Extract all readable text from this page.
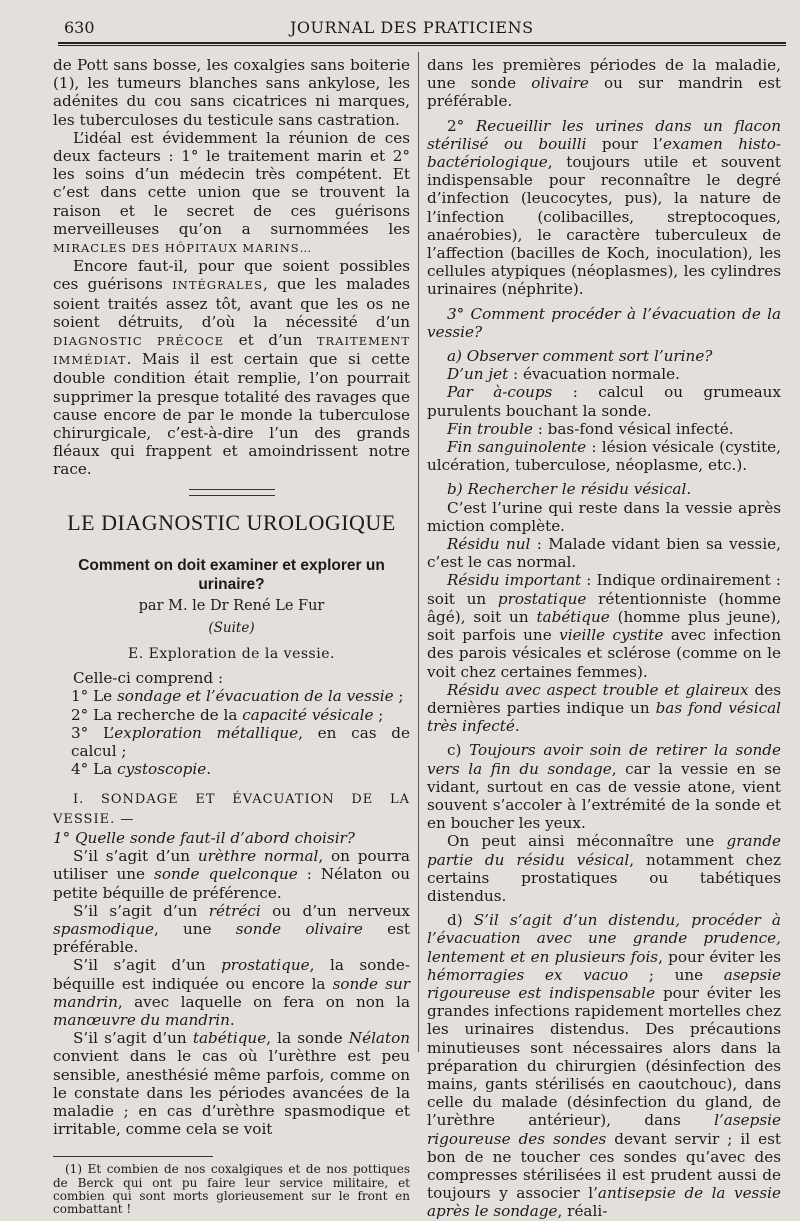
630	JOURNAL DES PRATICIENS

de Pott sans bosse, les coxalgies sans boiterie (1), les tumeurs blanches sans ankylose, les adénites du cou sans cicatrices ni marques, les tuberculoses du testicule sans castration.

L’idéal est évidemment la réunion de ces deux facteurs : 1° le traitement marin et 2° les soins d’un médecin très compétent. Et c’est dans cette union que se trouvent la raison et le secret de ces guérisons merveilleuses qu’on a surnommées les MIRACLES DES HÔPITAUX MARINS…

Encore faut-il, pour que soient possibles ces guérisons INTÉGRALES, que les malades soient traités assez tôt, avant que les os ne soient détruits, d’où la nécessité d’un DIAGNOSTIC PRÉCOCE et d’un TRAITEMENT IMMÉDIAT. Mais il est certain que si cette double condition était remplie, l’on pourrait supprimer la presque totalité des ravages que cause encore de par le monde la tuberculose chirurgicale, c’est-à-dire l’un des grands fléaux qui frappent et amoindrissent notre race.

LE DIAGNOSTIC UROLOGIQUE
Comment on doit examiner et explorer un urinaire?
par M. le Dr René Le Fur
(Suite)
E. Exploration de la vessie.

Celle-ci comprend :

1° Le sondage et l’évacuation de la vessie ;

2° La recherche de la capacité vésicale ;

3° L’exploration métallique, en cas de calcul ;

4° La cystoscopie.

I. SONDAGE ET ÉVACUATION DE LA VESSIE. —

1° Quelle sonde faut-il d’abord choisir?

S’il s’agit d’un urèthre normal, on pourra utiliser une sonde quelconque : Nélaton ou petite béquille de préférence.

S’il s’agit d’un rétréci ou d’un nerveux spasmodique, une sonde olivaire est préférable.

S’il s’agit d’un prostatique, la sonde-béquille est indiquée ou encore la sonde sur mandrin, avec laquelle on fera on non la manœuvre du mandrin.

S’il s’agit d’un tabétique, la sonde Nélaton convient dans le cas où l’urèthre est peu sensible, anesthésié même parfois, comme on le constate dans les périodes avancées de la maladie ; en cas d’urèthre spasmodique et irritable, comme cela se voit

(1) Et combien de nos coxalgiques et de nos pottiques de Berck qui ont pu faire leur service militaire, et combien qui sont morts glorieusement sur le front en combattant !

dans les premières périodes de la maladie, une sonde olivaire ou sur mandrin est préférable.

2° Recueillir les urines dans un flacon stérilisé ou bouilli pour l’examen histo-bactériologique, toujours utile et souvent indispensable pour reconnaître le degré d’infection (leucocytes, pus), la nature de l’infection (colibacilles, streptocoques, anaérobies), le caractère tuberculeux de l’affection (bacilles de Koch, inoculation), les cellules atypiques (néoplasmes), les cylindres urinaires (néphrite).

3° Comment procéder à l’évacuation de la vessie?

a) Observer comment sort l’urine?

D’un jet : évacuation normale.

Par à-coups : calcul ou grumeaux purulents bouchant la sonde.

Fin trouble : bas-fond vésical infecté.

Fin sanguinolente : lésion vésicale (cystite, ulcération, tuberculose, néoplasme, etc.).

b) Rechercher le résidu vésical.

C’est l’urine qui reste dans la vessie après miction complète.

Résidu nul : Malade vidant bien sa vessie, c’est le cas normal.

Résidu important : Indique ordinairement : soit un prostatique rétentionniste (homme âgé), soit un tabétique (homme plus jeune), soit parfois une vieille cystite avec infection des parois vésicales et sclérose (comme on le voit chez certaines femmes).

Résidu avec aspect trouble et glaireux des dernières parties indique un bas fond vésical très infecté.

c) Toujours avoir soin de retirer la sonde vers la fin du sondage, car la vessie en se vidant, surtout en cas de vessie atone, vient souvent s’accoler à l’extrémité de la sonde et en boucher les yeux.

On peut ainsi méconnaître une grande partie du résidu vésical, notamment chez certains prostatiques ou tabétiques distendus.

d) S’il s’agit d’un distendu, procéder à l’évacuation avec une grande prudence, lentement et en plusieurs fois, pour éviter les hémorragies ex vacuo ; une asepsie rigoureuse est indispensable pour éviter les grandes infections rapidement mortelles chez les urinaires distendus. Des précautions minutieuses sont nécessaires alors dans la préparation du chirurgien (désinfection des mains, gants stérilisés en caoutchouc), dans celle du malade (désinfection du gland, de l’urèthre antérieur), dans l’asepsie rigoureuse des sondes devant servir ; il est bon de ne toucher ces sondes qu’avec des compresses stérilisées il est prudent aussi de toujours y associer l’antisepsie de la vessie après le sondage, réali-
